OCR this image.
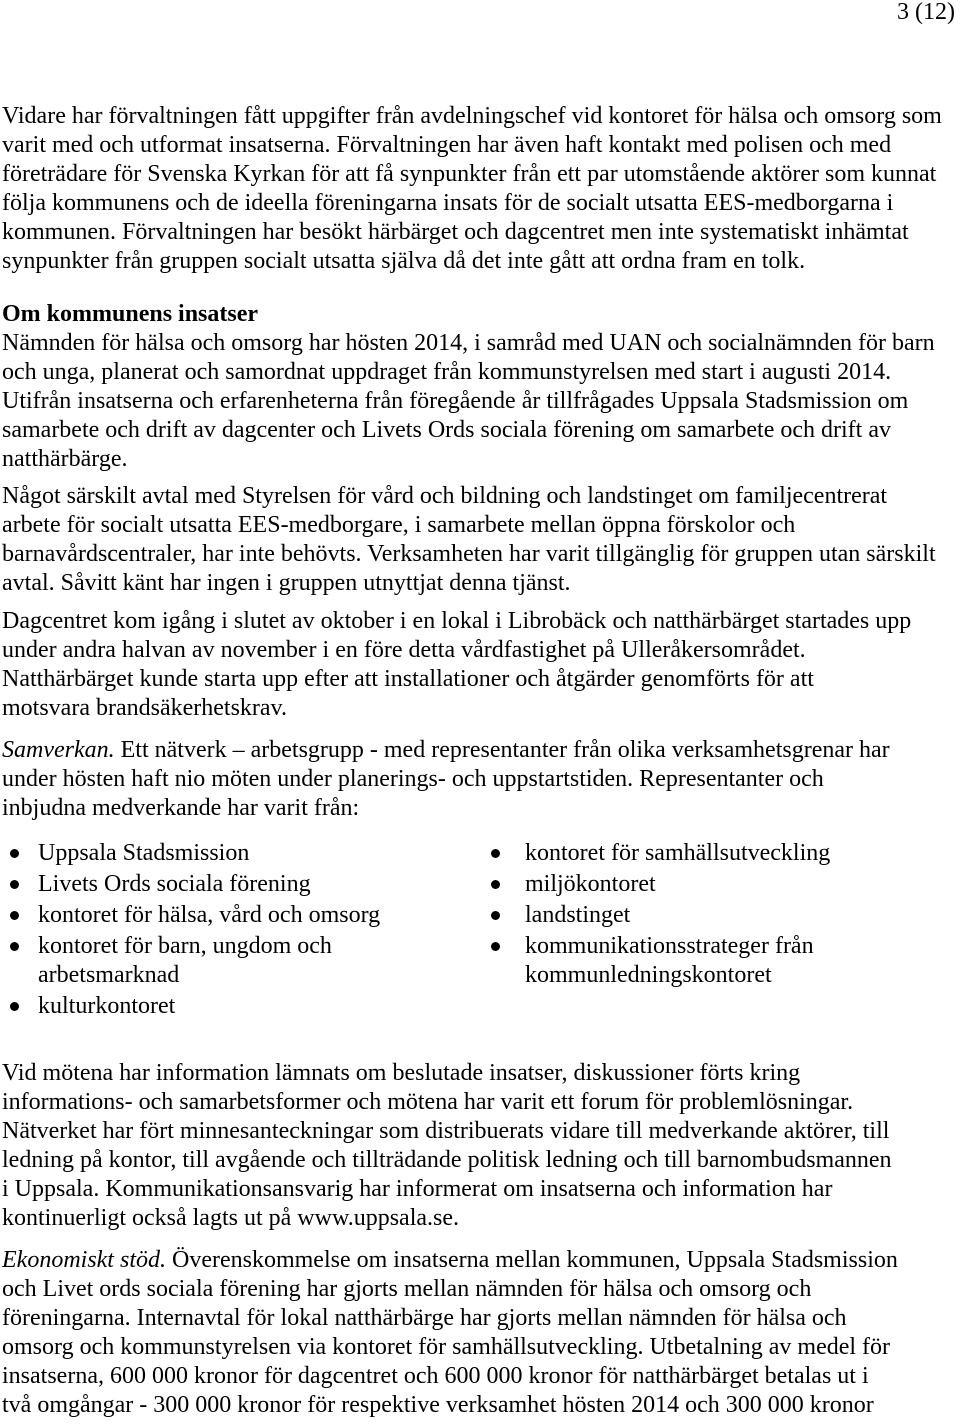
3 (12)
Vidare har förvaltningen fått uppgifter från avdelningschef vid kontoret för hälsa och omsorg som
varit med och utformat insatserna. Förvaltningen har även haft kontakt med polisen och med
företrädare för Svenska Kyrkan för att få synpunkter från ett par utomstående aktörer som kunnat
följa kommunens och de ideella föreningarna insats för de socialt utsatta EES-medborgarna i
kommunen. Förvaltningen har besökt härbärget och dagcentret men inte systematiskt inhämtat
synpunkter från gruppen socialt utsatta själva då det inte gått att ordna fram en tolk.
Om kommunens insatser
Nämnden för hälsa och omsorg har hösten 2014, i samråd med UAN och socialnämnden för barn
och unga, planerat och samordnat uppdraget från kommunstyrelsen med start i augusti 2014.
Utifrån insatserna och erfarenheterna från föregående år tillfrågades Uppsala Stadsmission om
samarbete och drift av dagcenter och Livets Ords sociala förening om samarbete och drift av
natthärbärge.
Något särskilt avtal med Styrelsen för vård och bildning och landstinget om familjecentrerat
arbete för socialt utsatta EES-medborgare, i samarbete mellan öppna förskolor och
barnavårdscentraler, har inte behövts. Verksamheten har varit tillgänglig för gruppen utan särskilt
avtal. Såvitt känt har ingen i gruppen utnyttjat denna tjänst.
Dagcentret kom igång i slutet av oktober i en lokal i Librobäck och natthärbärget startades upp
under andra halvan av november i en före detta vårdfastighet på Ulleråkersområdet.
Natthärbärget kunde starta upp efter att installationer och åtgärder genomförts för att
motsvara brandsäkerhetskrav.
Samverkan. Ett nätverk – arbetsgrupp - med representanter från olika verksamhetsgrenar har
under hösten haft nio möten under planerings- och uppstartstiden. Representanter och
inbjudna medverkande har varit från:
Uppsala Stadsmission
Livets Ords sociala förening
kontoret för hälsa, vård och omsorg
kontoret för barn, ungdom och arbetsmarknad
kulturkontoret
kontoret för samhällsutveckling
miljökontoret
landstinget
kommunikationsstrateger från kommunledningskontoret
Vid mötena har information lämnats om beslutade insatser, diskussioner förts kring
informations- och samarbetsformer och mötena har varit ett forum för problemlösningar.
Nätverket har fört minnesanteckningar som distribuerats vidare till medverkande aktörer, till
ledning på kontor, till avgående och tillträdande politisk ledning och till barnombudsmannen
i Uppsala. Kommunikationsansvarig har informerat om insatserna och information har
kontinuerligt också lagts ut på www.uppsala.se.
Ekonomiskt stöd. Överenskommelse om insatserna mellan kommunen, Uppsala Stadsmission
och Livet ords sociala förening har gjorts mellan nämnden för hälsa och omsorg och
föreningarna. Internavtal för lokal natthärbärge har gjorts mellan nämnden för hälsa och
omsorg och kommunstyrelsen via kontoret för samhällsutveckling. Utbetalning av medel för
insatserna, 600 000 kronor för dagcentret och 600 000 kronor för natthärbärget betalas ut i
två omgångar - 300 000 kronor för respektive verksamhet hösten 2014 och 300 000 kronor
